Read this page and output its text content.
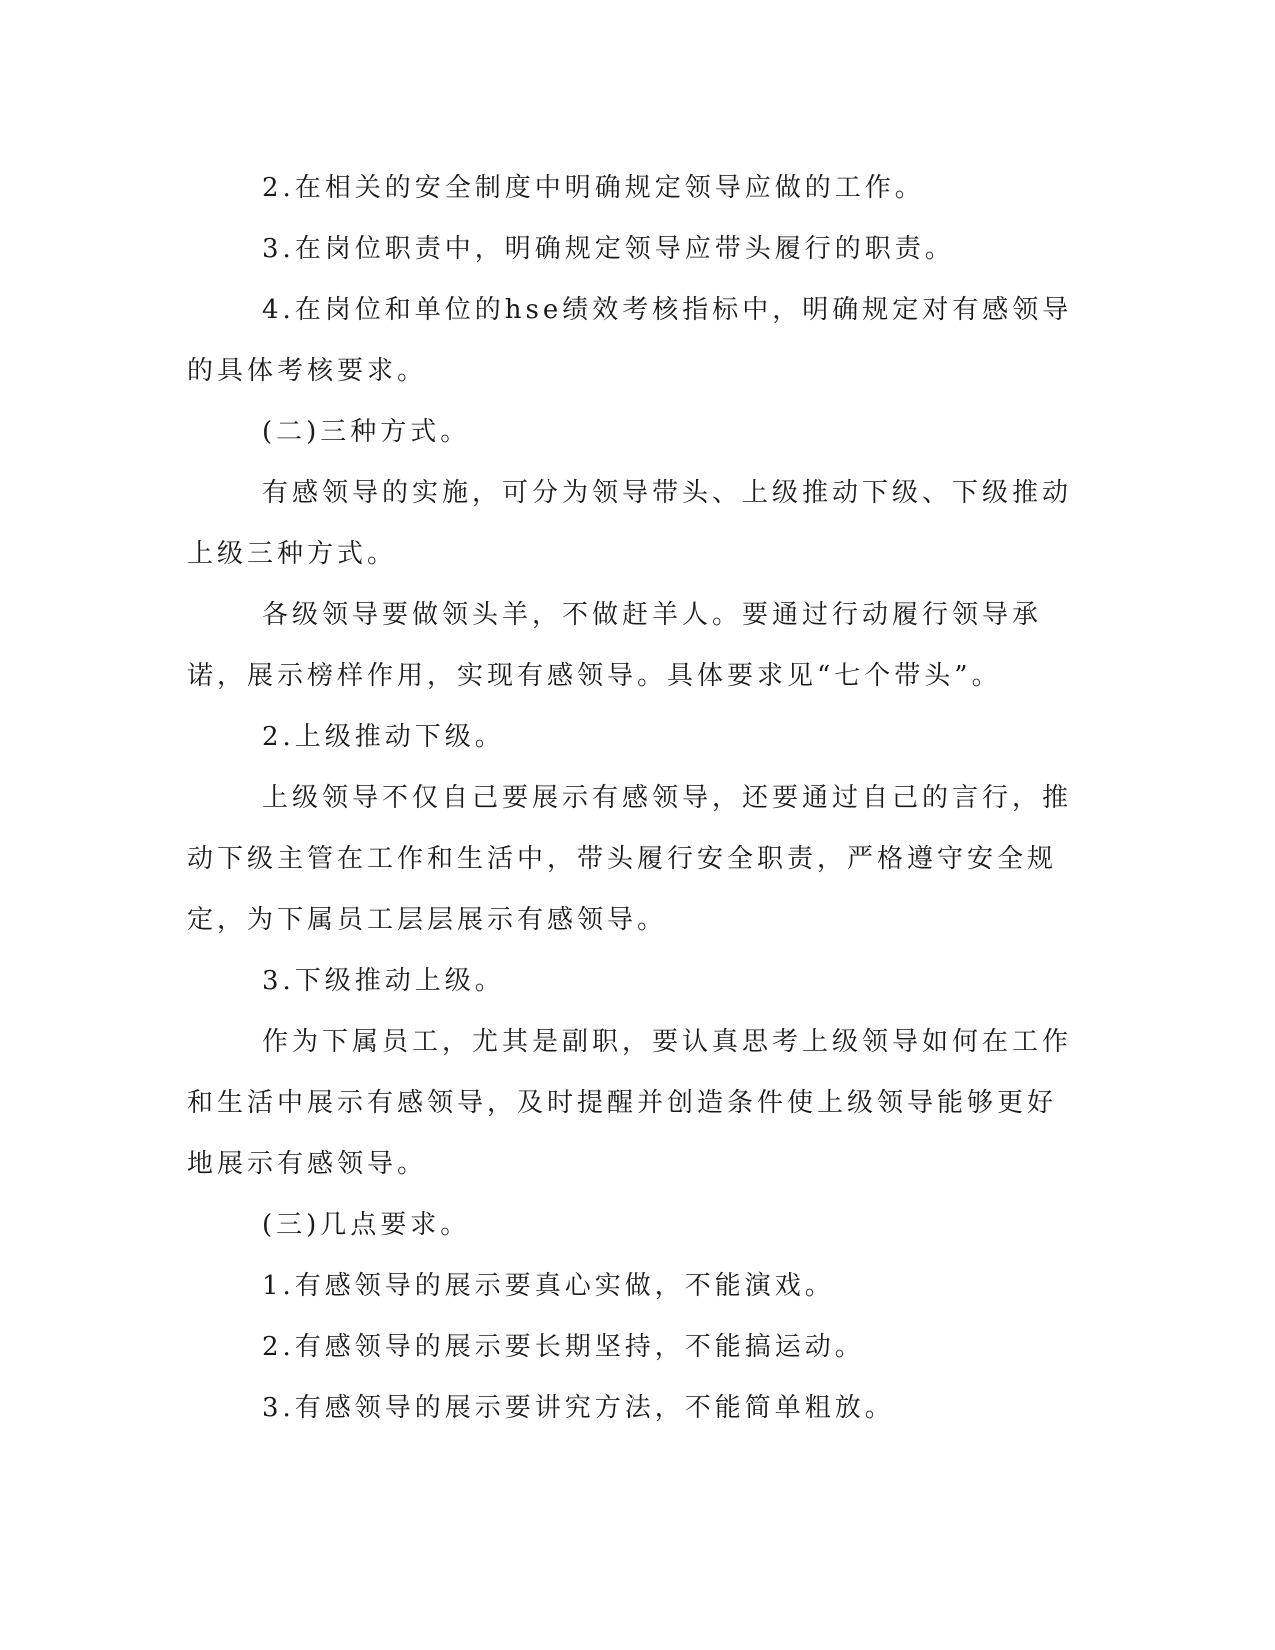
2.在相关的安全制度中明确规定领导应做的工作。

3.在岗位职责中，明确规定领导应带头履行的职责。

4.在岗位和单位的hse绩效考核指标中，明确规定对有感领导的具体考核要求。

(二)三种方式。

有感领导的实施，可分为领导带头、上级推动下级、下级推动上级三种方式。

各级领导要做领头羊，不做赶羊人。要通过行动履行领导承诺，展示榜样作用，实现有感领导。具体要求见“七个带头”。

2.上级推动下级。

上级领导不仅自己要展示有感领导，还要通过自己的言行，推动下级主管在工作和生活中，带头履行安全职责，严格遵守安全规定，为下属员工层层展示有感领导。

3.下级推动上级。

作为下属员工，尤其是副职，要认真思考上级领导如何在工作和生活中展示有感领导，及时提醒并创造条件使上级领导能够更好地展示有感领导。

(三)几点要求。

1.有感领导的展示要真心实做，不能演戏。

2.有感领导的展示要长期坚持，不能搞运动。

3.有感领导的展示要讲究方法，不能简单粗放。
